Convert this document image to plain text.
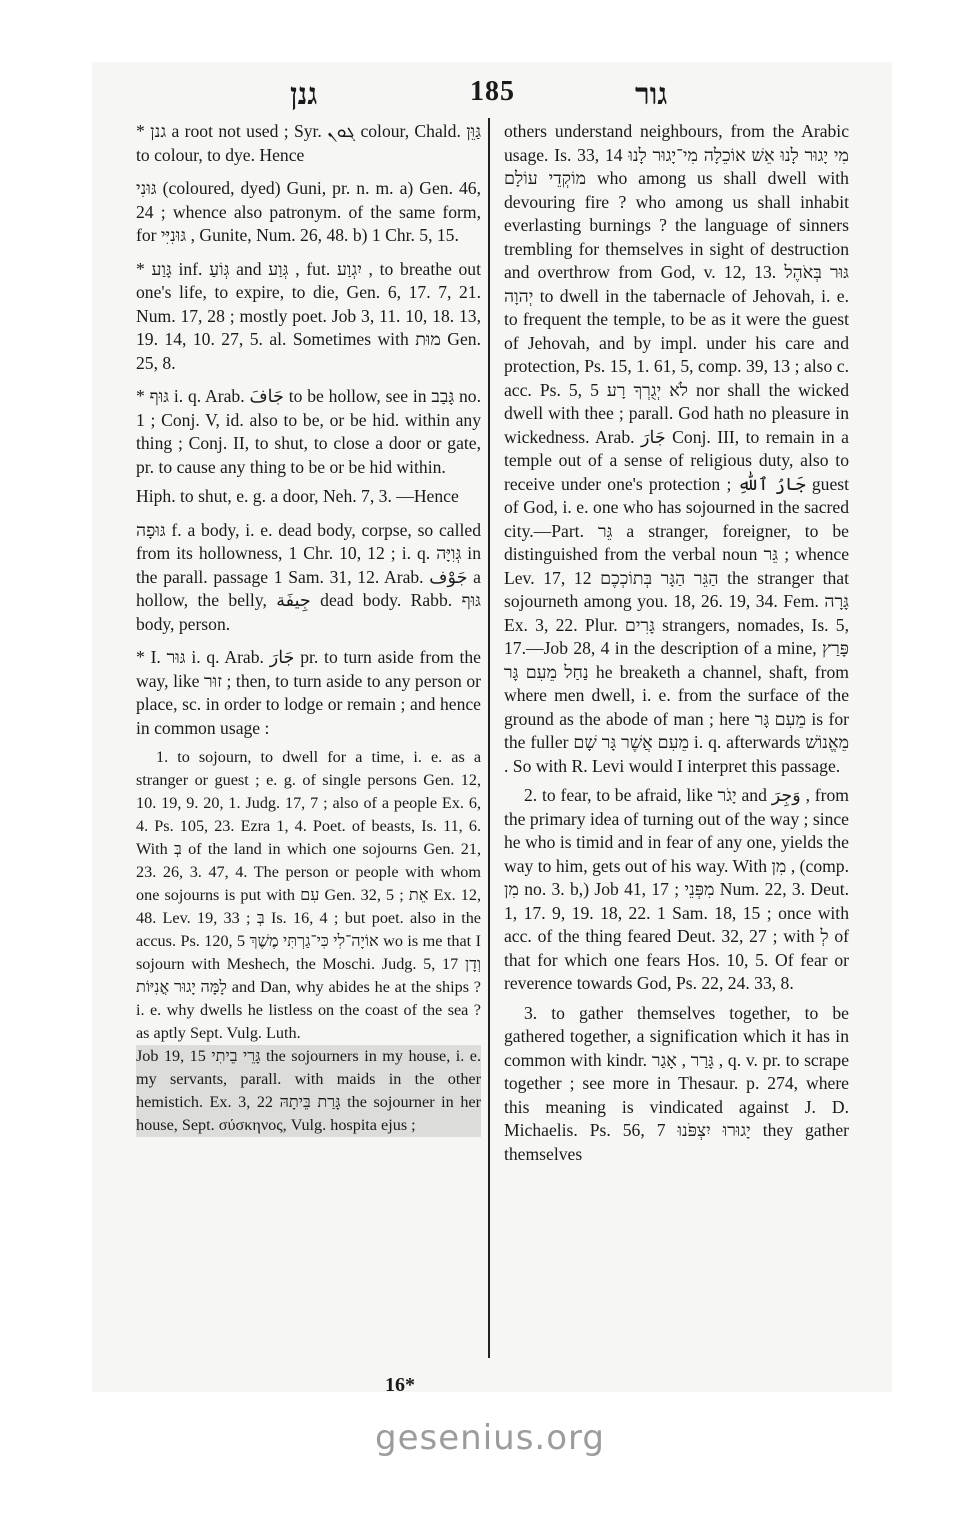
גנן	185	גור

* גנן a root not used ; Syr. ܓܘܢ colour, Chald. גַּוֵּן to colour, to dye. Hence

גּוּנִי (coloured, dyed) Guni, pr. n. m. a) Gen. 46, 24 ; whence also patronym. of the same form, for גּוּנִיִּי , Gunite, Num. 26, 48. b) 1 Chr. 5, 15.

* גָּוַע inf. גְּוֹעַ and גְּוַע , fut. יִגְוַע , to breathe out one's life, to expire, to die, Gen. 6, 17. 7, 21. Num. 17, 28 ; mostly poet. Job 3, 11. 10, 18. 13, 19. 14, 10. 27, 5. al. Sometimes with מוּת Gen. 25, 8.

* גּוּף i. q. Arab. جَافَ to be hollow, see in גָּבַב no. 1 ; Conj. V, id. also to be, or be hid. within any thing ; Conj. II, to shut, to close a door or gate, pr. to cause any thing to be or be hid within.

Hiph. to shut, e. g. a door, Neh. 7, 3. —Hence

גּוּפָה f. a body, i. e. dead body, corpse, so called from its hollowness, 1 Chr. 10, 12 ; i. q. גְּוִיָּה in the parall. passage 1 Sam. 31, 12. Arab. جَوْف a hollow, the belly, جِيفَة dead body. Rabb. גּוּף body, person.

* I. גּוּר i. q. Arab. جَارَ pr. to turn aside from the way, like זוּר ; then, to turn aside to any person or place, sc. in order to lodge or remain ; and hence in common usage :

1. to sojourn, to dwell for a time, i. e. as a stranger or guest ; e. g. of single persons Gen. 12, 10. 19, 9. 20, 1. Judg. 17, 7 ; also of a people Ex. 6, 4. Ps. 105, 23. Ezra 1, 4. Poet. of beasts, Is. 11, 6. With בְּ of the land in which one sojourns Gen. 21, 23. 26, 3. 47, 4. The person or people with whom one sojourns is put with עִם Gen. 32, 5 ; אֵת Ex. 12, 48. Lev. 19, 33 ; בְּ Is. 16, 4 ; but poet. also in the accus. Ps. 120, 5 אוֹיָה־לִי כִּי־גַרְתִּי מֶשֶׁךְ wo is me that I sojourn with Meshech, the Moschi. Judg. 5, 17 וְדָן לָמָּה יָגוּר אֳנִיּוֹת and Dan, why abides he at the ships ? i. e. why dwells he listless on the coast of the sea ? as aptly Sept. Vulg. Luth.

Job 19, 15 גָּרֵי בֵיתִי the sojourners in my house, i. e. my servants, parall. with maids in the other hemistich. Ex. 3, 22 גָּרַת בֵּיתָהּ the sojourner in her house, Sept. σύσκηνος, Vulg. hospita ejus ;

16*

others understand neighbours, from the Arabic usage. Is. 33, 14 מִי יָגוּר לָנוּ אֵשׁ אוֹכֵלָה מִי־יָגוּר לָנוּ מוֹקְדֵי עוֹלָם who among us shall dwell with devouring fire ? who among us shall inhabit everlasting burnings ? the language of sinners trembling for themselves in sight of destruction and overthrow from God, v. 12, 13. גּוּר בְּאֹהֶל יְהוָה to dwell in the tabernacle of Jehovah, i. e. to frequent the temple, to be as it were the guest of Jehovah, and by impl. under his care and protection, Ps. 15, 1. 61, 5, comp. 39, 13 ; also c. acc. Ps. 5, 5 לֹא יְגֻרְךָ רָע nor shall the wicked dwell with thee ; parall. God hath no pleasure in wickedness. Arab. جَارَ Conj. III, to remain in a temple out of a sense of religious duty, also to receive under one's protection ; جَارُ ٱللّٰهِ guest of God, i. e. one who has sojourned in the sacred city.—Part. גֵּר a stranger, foreigner, to be distinguished from the verbal noun גֵּר ; whence Lev. 17, 12 הַגֵּר הַגָּר בְּתוֹכְכֶם the stranger that sojourneth among you. 18, 26. 19, 34. Fem. גָּרָה Ex. 3, 22. Plur. גָּרִים strangers, nomades, Is. 5, 17.—Job 28, 4 in the description of a mine, פָּרַץ נַחַל מֵעִם גָּר he breaketh a channel, shaft, from where men dwell, i. e. from the surface of the ground as the abode of man ; here מֵעִם גָּר is for the fuller מֵעִם אֲשֶׁר גָּר שָׁם i. q. afterwards מֵאֱנוֹשׁ . So with R. Levi would I interpret this passage.

2. to fear, to be afraid, like יָגֹר and وَجِرَ , from the primary idea of turning out of the way ; since he who is timid and in fear of any one, yields the way to him, gets out of his way. With מִן , (comp. מִן no. 3. b,) Job 41, 17 ; מִפְּנֵי Num. 22, 3. Deut. 1, 17. 9, 19. 18, 22. 1 Sam. 18, 15 ; once with acc. of the thing feared Deut. 32, 27 ; with לְ of that for which one fears Hos. 10, 5. Of fear or reverence towards God, Ps. 22, 24. 33, 8.

3. to gather themselves together, to be gathered together, a signification which it has in common with kindr. גָּרַר , אָגַר , q. v. pr. to scrape together ; see more in Thesaur. p. 274, where this meaning is vindicated against J. D. Michaelis. Ps. 56, 7 יָגוּרוּ יִצְפֹּנוּ they gather themselves

gesenius.org
